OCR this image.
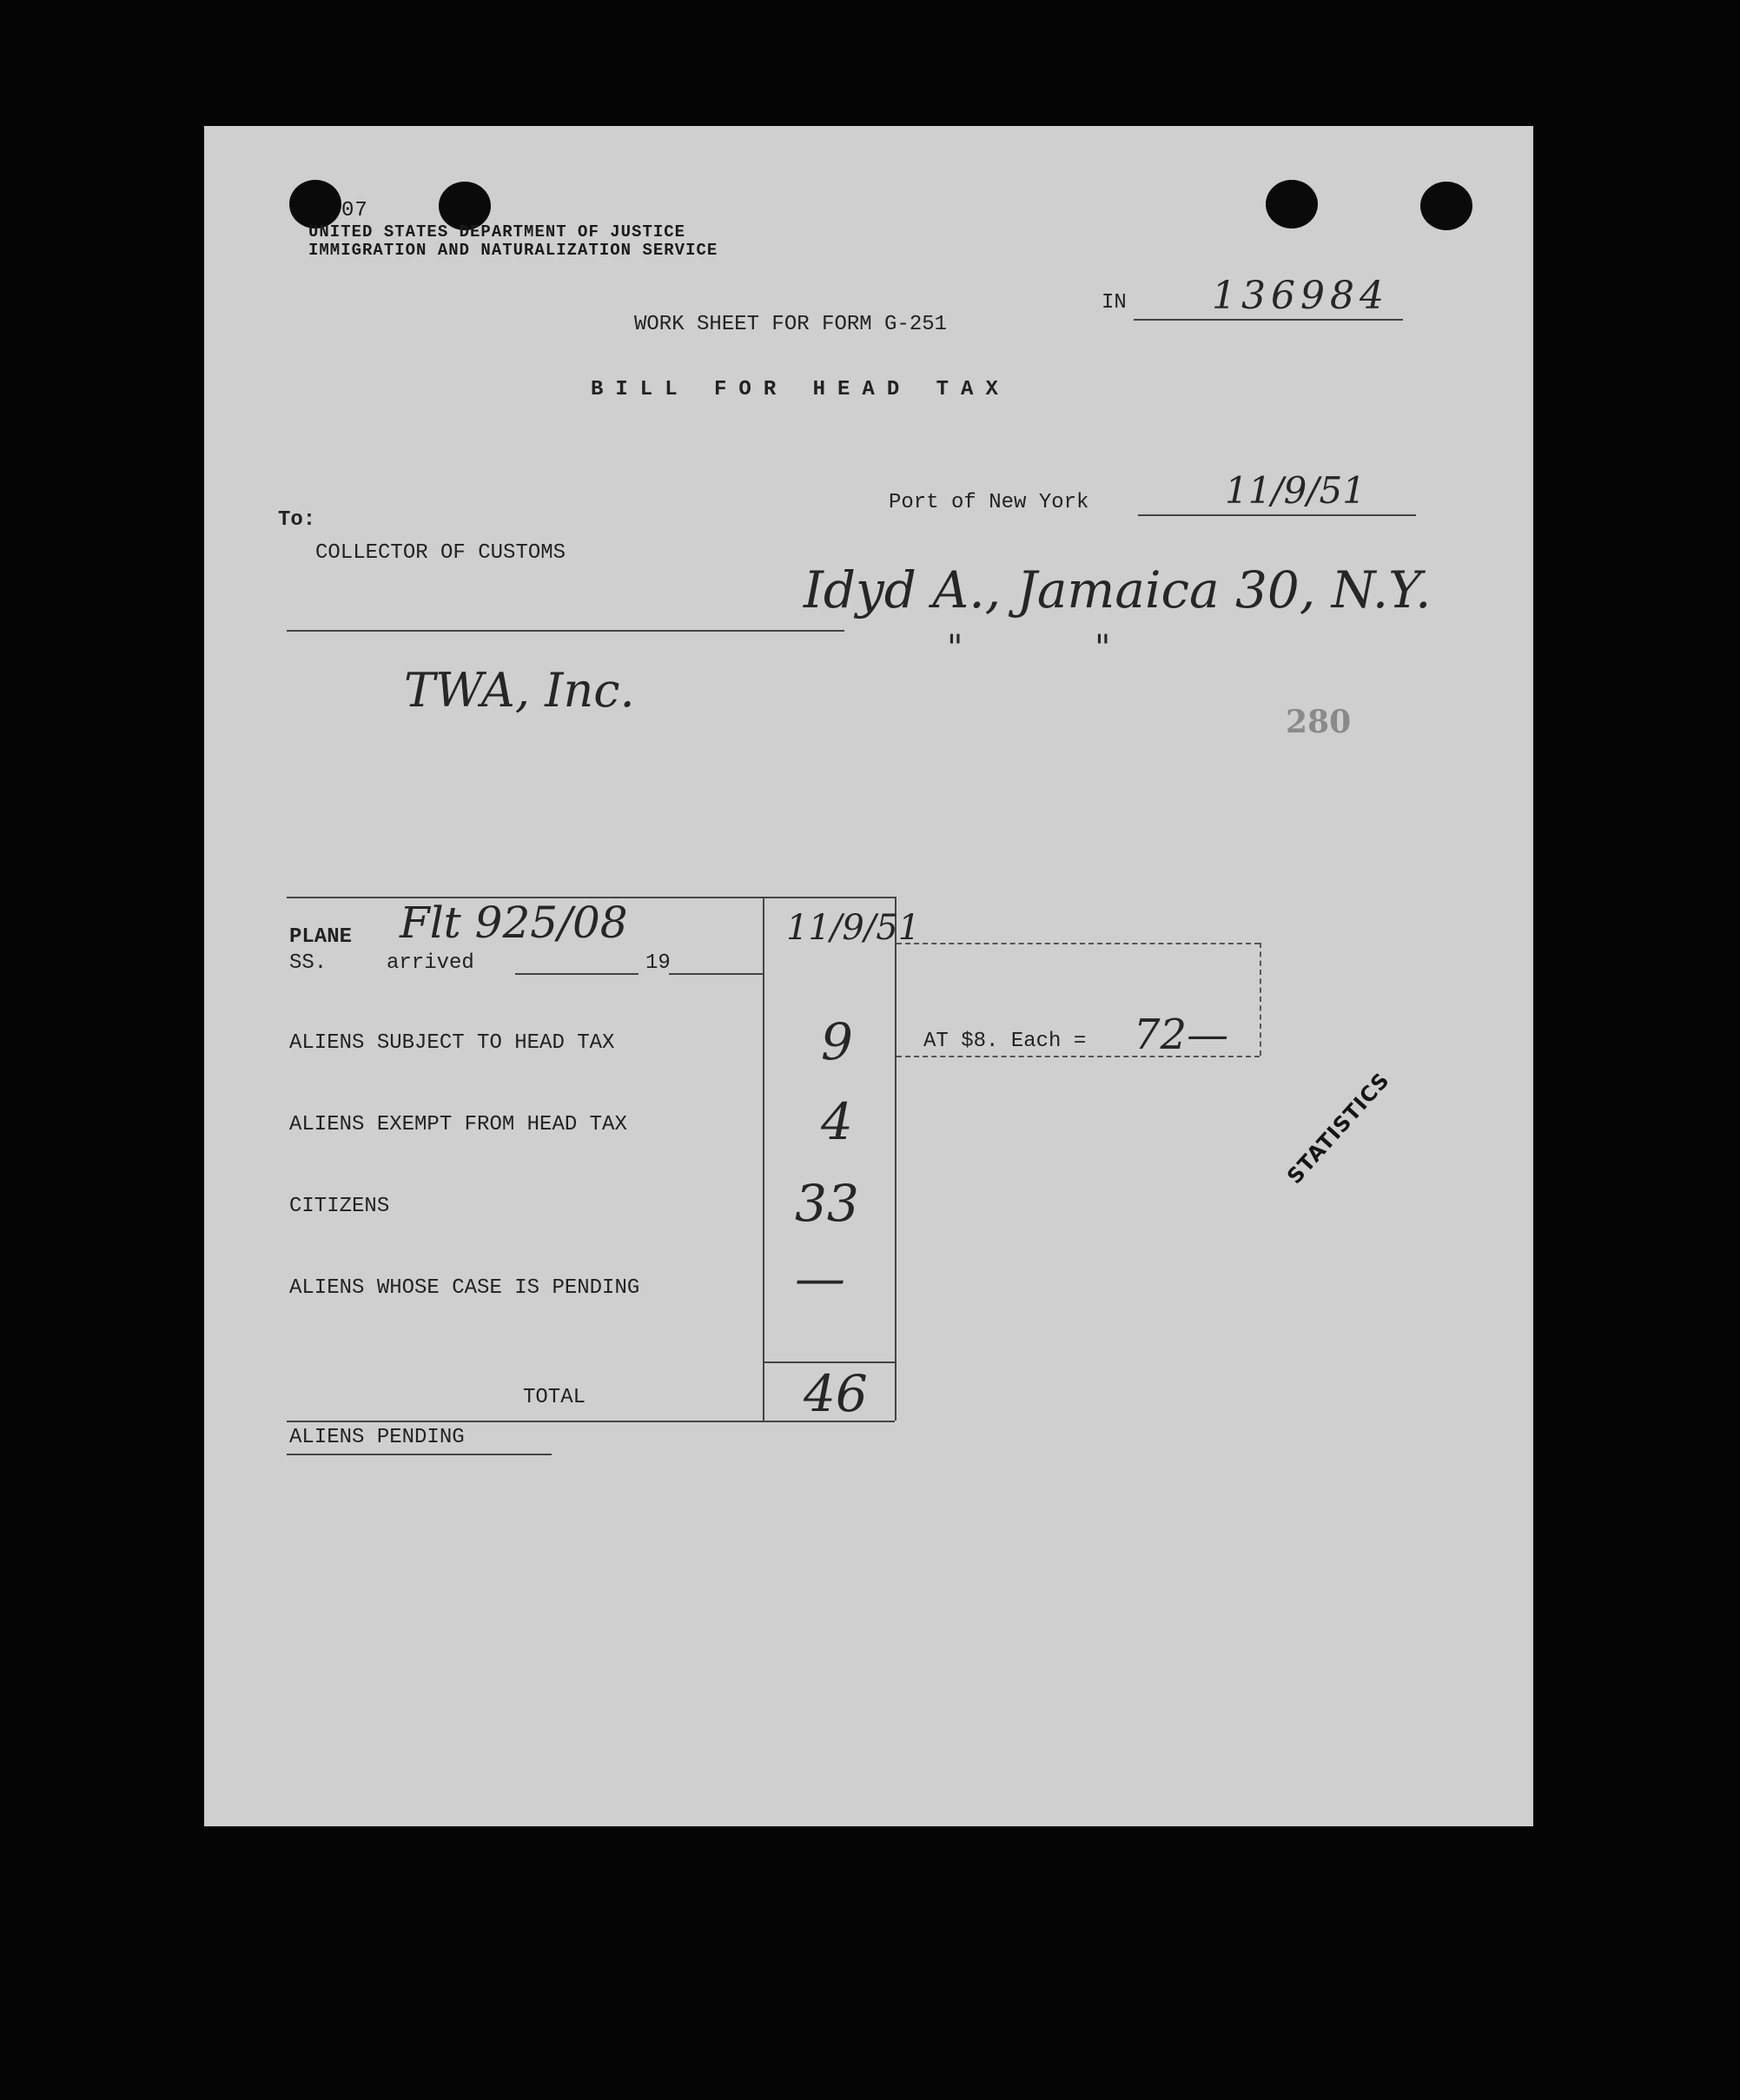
07
UNITED STATES DEPARTMENT OF JUSTICE
IMMIGRATION AND NATURALIZATION SERVICE
IN 136984
WORK SHEET FOR FORM G-251
BILL FOR HEAD TAX
Port of New York	11/9/51
To:
COLLECTOR OF CUSTOMS
Idyd A., Jamaica 30, N.Y.
"	"
TWA, Inc.
280
PLANE Flt 925/08
SS.	arrived	19
11/9/51
ALIENS SUBJECT TO HEAD TAX	9
ALIENS EXEMPT FROM HEAD TAX	4
CITIZENS	33
ALIENS WHOSE CASE IS PENDING	—
TOTAL	46
AT $8. Each = 72—
ALIENS PENDING
STATISTICS
